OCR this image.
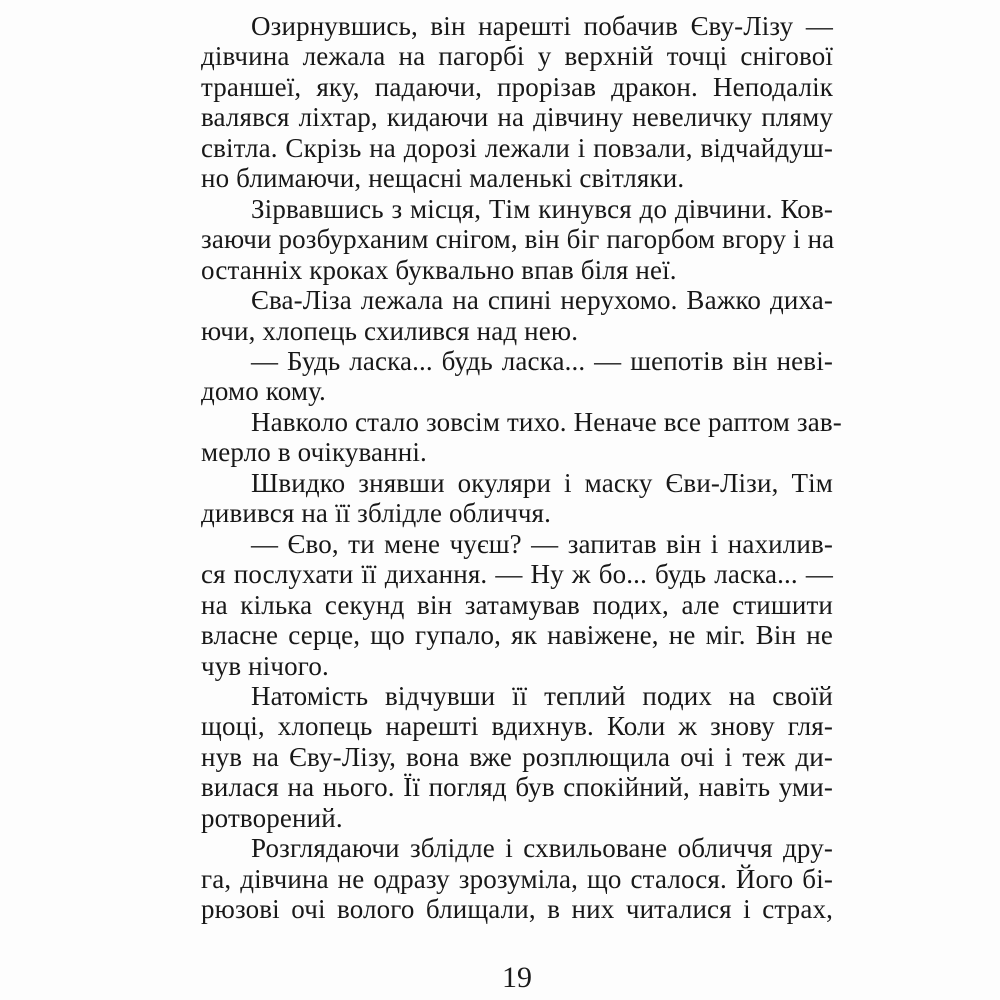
Озирнувшись, він нарешті побачив Єву-Лізу —
дівчина лежала на пагорбі у верхній точці снігової
траншеї, яку, падаючи, прорізав дракон. Неподалік
валявся ліхтар, кидаючи на дівчину невеличку пляму
світла. Скрізь на дорозі лежали і повзали, відчайдуш-
но блимаючи, нещасні маленькі світляки.
Зірвавшись з місця, Тім кинувся до дівчини. Ков-
заючи розбурханим снігом, він біг пагорбом вгору і на
останніх кроках буквально впав біля неї.
Єва-Ліза лежала на спині нерухомо. Важко диха-
ючи, хлопець схилився над нею.
— Будь ласка... будь ласка... — шепотів він неві-
домо кому.
Навколо стало зовсім тихо. Неначе все раптом зав-
мерло в очікуванні.
Швидко знявши окуляри і маску Єви-Лізи, Тім
дивився на її зблідле обличчя.
— Єво, ти мене чуєш? — запитав він і нахилив-
ся послухати її дихання. — Ну ж бо... будь ласка... —
на кілька секунд він затамував подих, але стишити
власне серце, що гупало, як навіжене, не міг. Він не
чув нічого.
Натомість відчувши її теплий подих на своїй
щоці, хлопець нарешті вдихнув. Коли ж знову гля-
нув на Єву-Лізу, вона вже розплющила очі і теж ди-
вилася на нього. Її погляд був спокійний, навіть уми-
ротворений.
Розглядаючи зблідле і схвильоване обличчя дру-
га, дівчина не одразу зрозуміла, що сталося. Його бі-
рюзові очі волого блищали, в них читалися і страх,
19
